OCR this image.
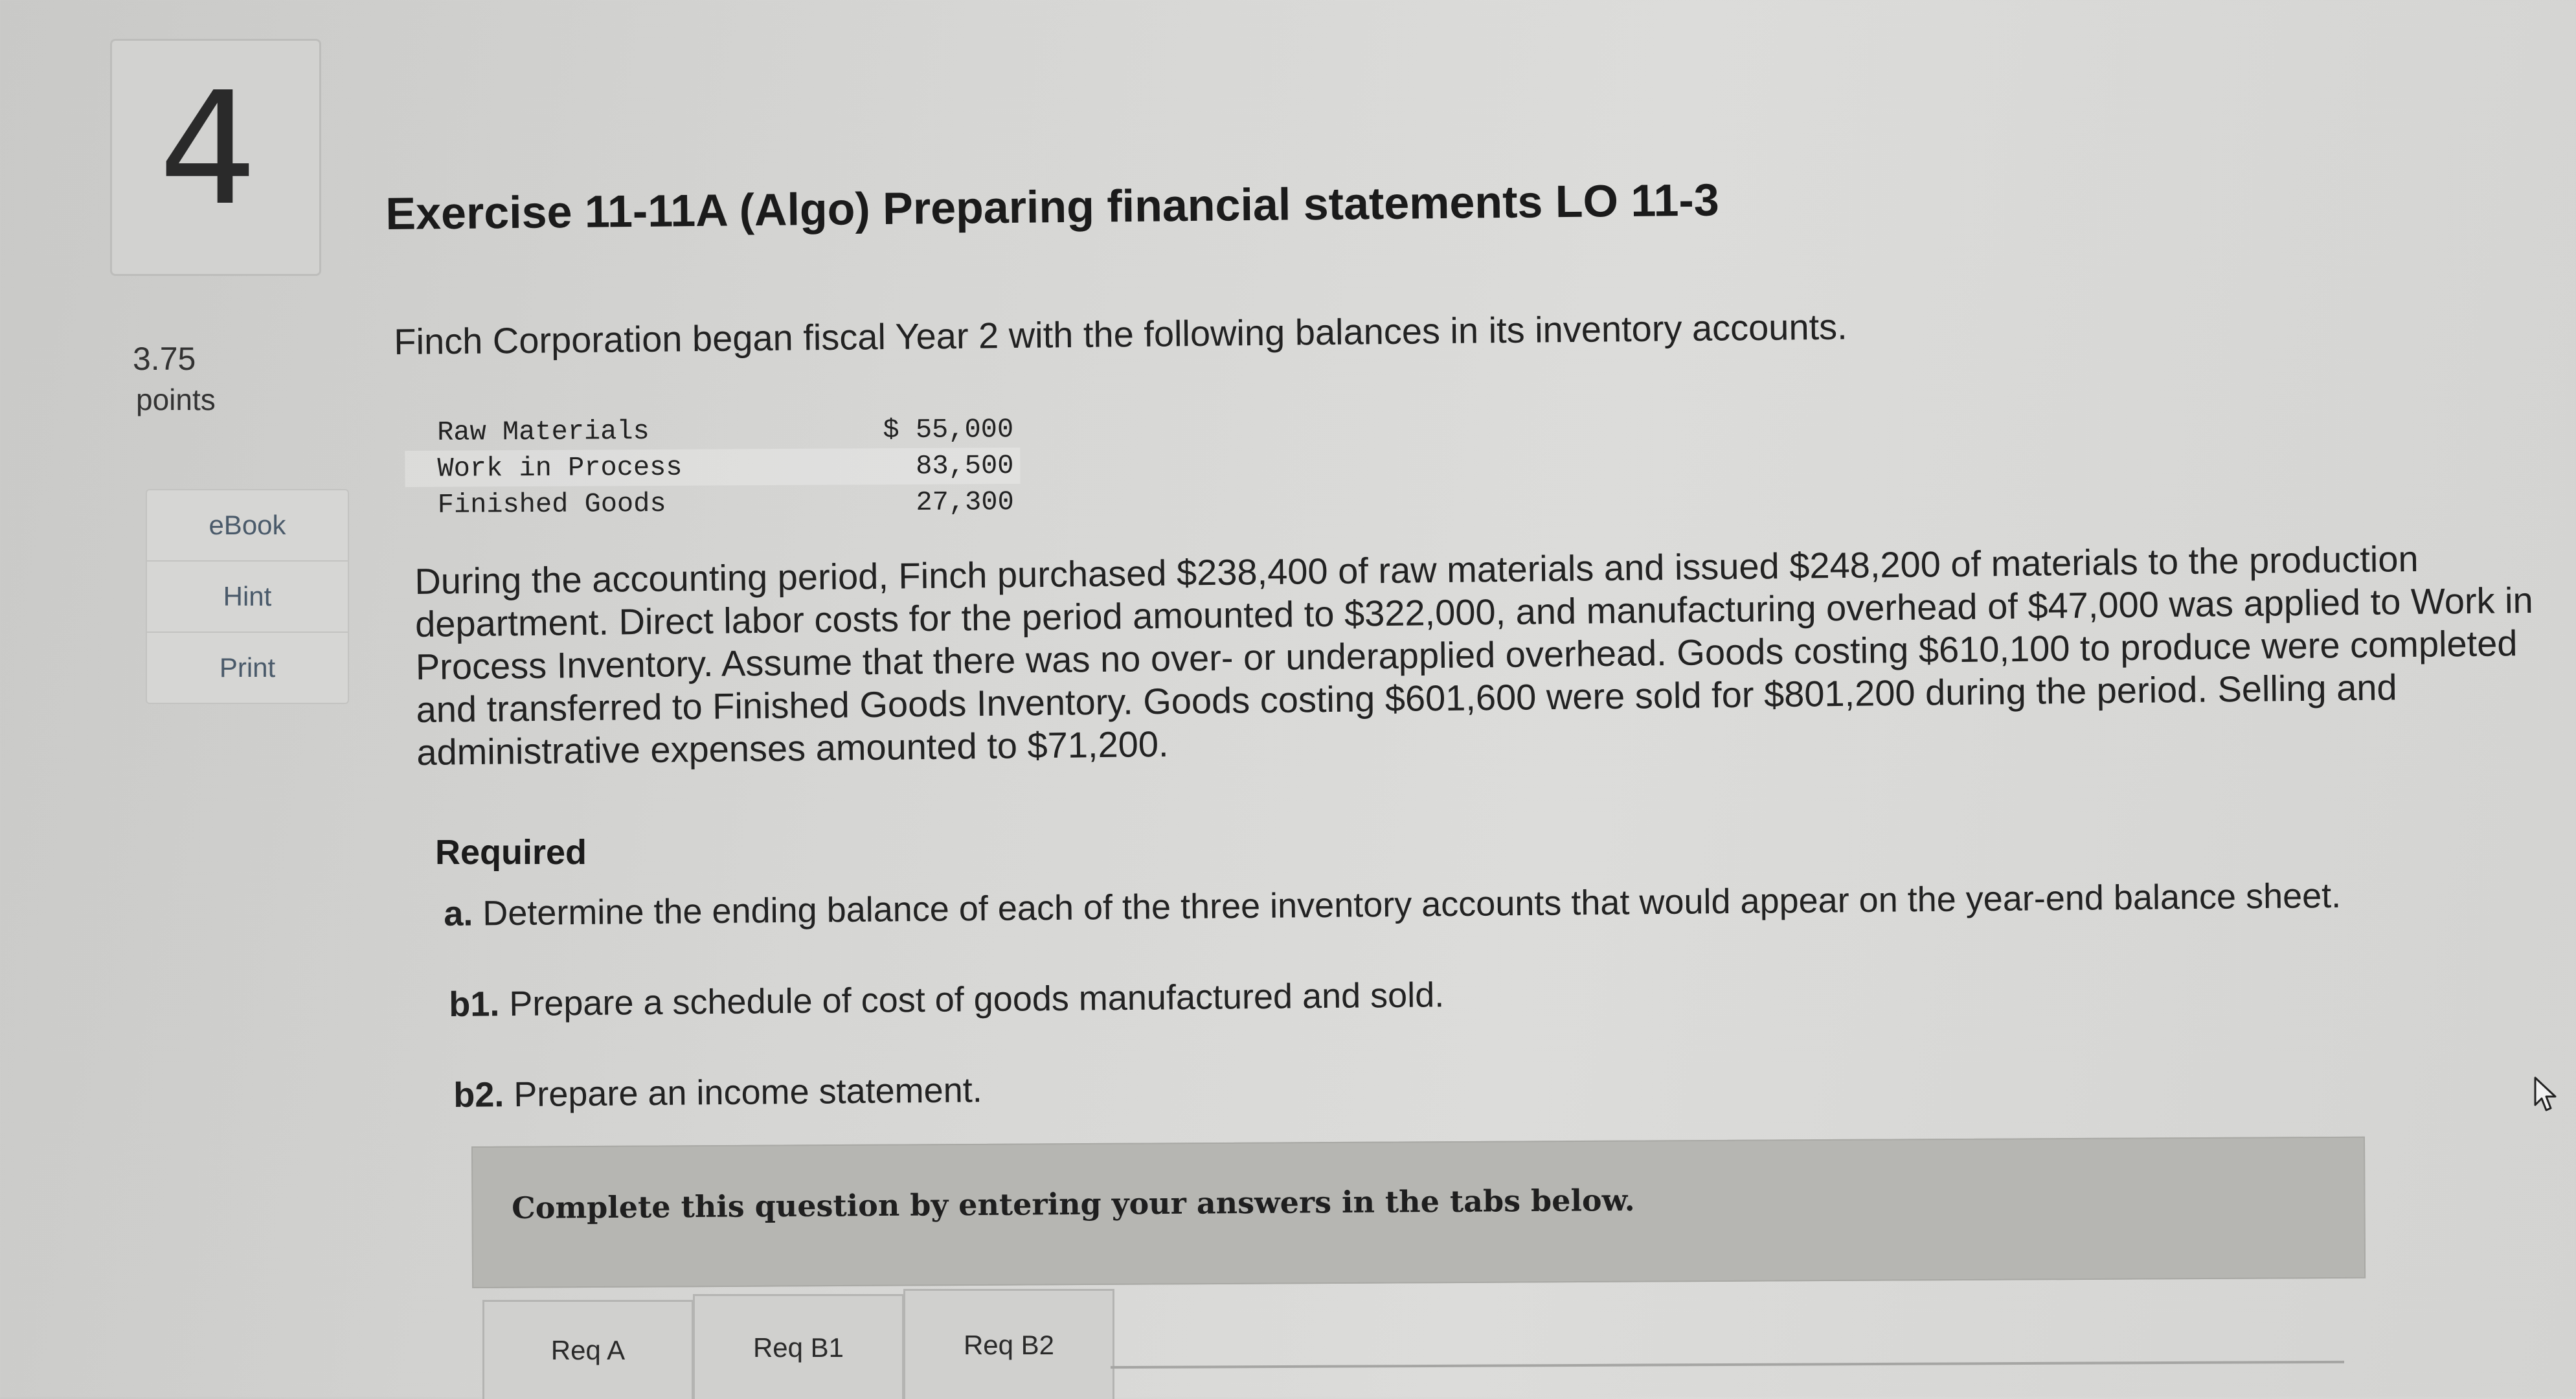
4
3.75
points
eBook
Hint
Print
Exercise 11-11A (Algo) Preparing financial statements LO 11-3
Finch Corporation began fiscal Year 2 with the following balances in its inventory accounts.
Raw Materials	$ 55,000
Work in Process	83,500
Finished Goods	27,300
During the accounting period, Finch purchased $238,400 of raw materials and issued $248,200 of materials to the production department. Direct labor costs for the period amounted to $322,000, and manufacturing overhead of $47,000 was applied to Work in Process Inventory. Assume that there was no over- or underapplied overhead. Goods costing $610,100 to produce were completed and transferred to Finished Goods Inventory. Goods costing $601,600 were sold for $801,200 during the period. Selling and administrative expenses amounted to $71,200.
Required
a. Determine the ending balance of each of the three inventory accounts that would appear on the year-end balance sheet.
b1. Prepare a schedule of cost of goods manufactured and sold.
b2. Prepare an income statement.
Complete this question by entering your answers in the tabs below.
Req A	Req B1	Req B2
